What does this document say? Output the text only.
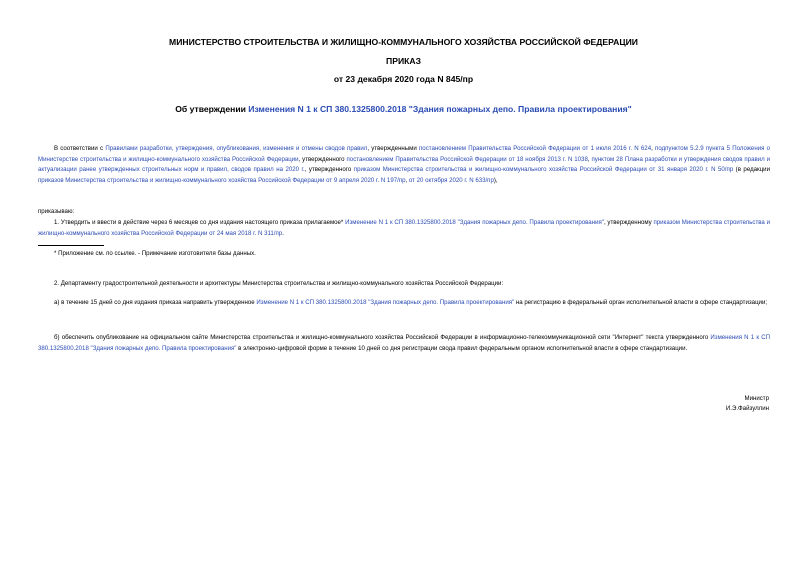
МИНИСТЕРСТВО СТРОИТЕЛЬСТВА И ЖИЛИЩНО-КОММУНАЛЬНОГО ХОЗЯЙСТВА РОССИЙСКОЙ ФЕДЕРАЦИИ
ПРИКАЗ
от 23 декабря 2020 года N 845/пр
Об утверждении Изменения N 1 к СП 380.1325800.2018 "Здания пожарных депо. Правила проектирования"
В соответствии с Правилами разработки, утверждения, опубликования, изменения и отмены сводов правил, утвержденными постановлением Правительства Российской Федерации от 1 июля 2016 г. N 624, подпунктом 5.2.9 пункта 5 Положения о Министерстве строительства и жилищно-коммунального хозяйства Российской Федерации, утвержденного постановлением Правительства Российской Федерации от 18 ноября 2013 г. N 1038, пунктом 28 Плана разработки и утверждения сводов правил и актуализации ранее утвержденных строительных норм и правил, сводов правил на 2020 г., утвержденного приказом Министерства строительства и жилищно-коммунального хозяйства Российской Федерации от 31 января 2020 г. N 50/пр (в редакции приказов Министерства строительства и жилищно-коммунального хозяйства Российской Федерации от 9 апреля 2020 г. N 197/пр, от 20 октября 2020 г. N 633/пр),
приказываю:
1. Утвердить и ввести в действие через 6 месяцев со дня издания настоящего приказа прилагаемое* Изменение N 1 к СП 380.1325800.2018 "Здания пожарных депо. Правила проектирования", утвержденному приказом Министерства строительства и жилищно-коммунального хозяйства Российской Федерации от 24 мая 2018 г. N 311/пр.
* Приложение см. по ссылке. - Примечание изготовителя базы данных.
2. Департаменту градостроительной деятельности и архитектуры Министерства строительства и жилищно-коммунального хозяйства Российской Федерации:
а) в течение 15 дней со дня издания приказа направить утвержденное Изменение N 1 к СП 380.1325800.2018 "Здания пожарных депо. Правила проектирования" на регистрацию в федеральный орган исполнительной власти в сфере стандартизации;
б) обеспечить опубликование на официальном сайте Министерства строительства и жилищно-коммунального хозяйства Российской Федерации в информационно-телекоммуникационной сети "Интернет" текста утвержденного Изменения N 1 к СП 380.1325800.2018 "Здания пожарных депо. Правила проектирования" в электронно-цифровой форме в течение 10 дней со дня регистрации свода правил федеральным органом исполнительной власти в сфере стандартизации.
Министр
И.Э.Файзуллин
